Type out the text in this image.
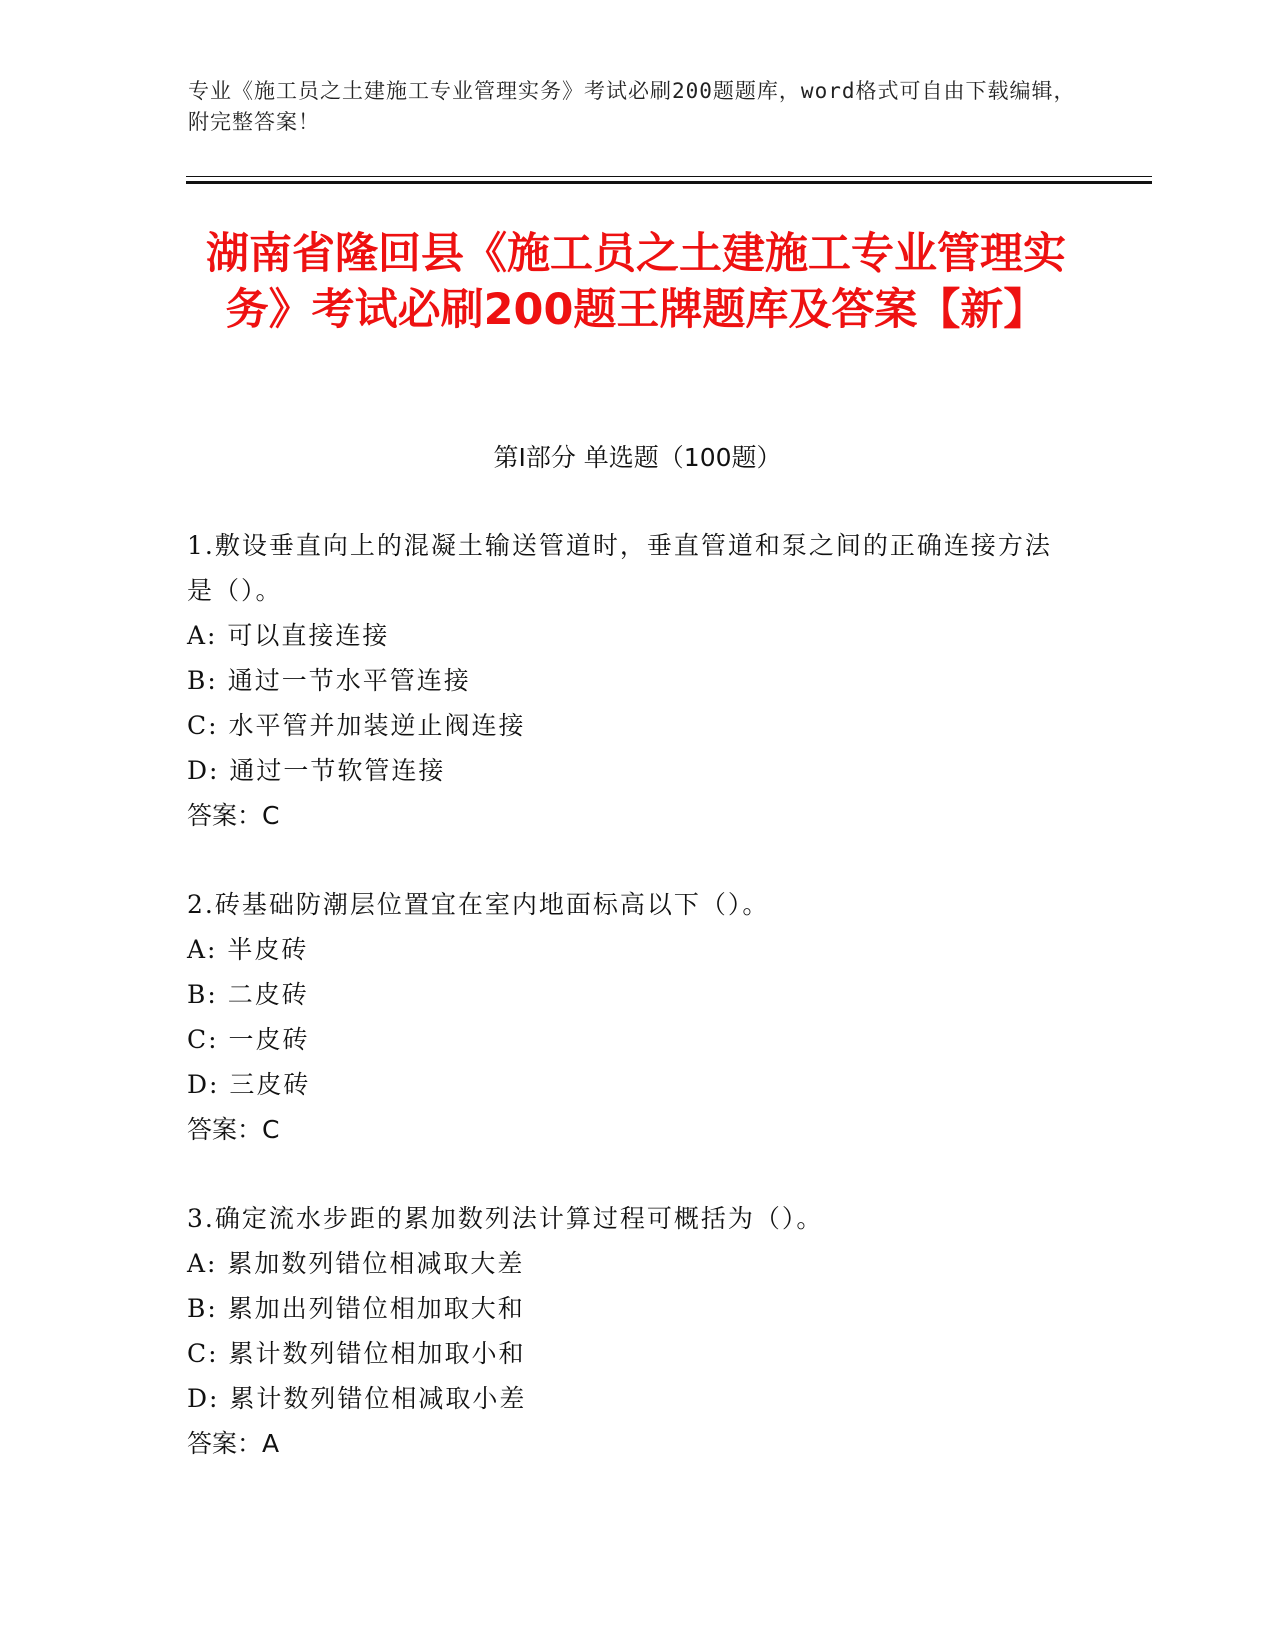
专业《施工员之土建施工专业管理实务》考试必刷200题题库，word格式可自由下载编辑，附完整答案！
湖南省隆回县《施工员之土建施工专业管理实务》考试必刷200题王牌题库及答案【新】
第Ⅰ部分 单选题（100题）

1.敷设垂直向上的混凝土输送管道时，垂直管道和泵之间的正确连接方法是（）。

A: 可以直接连接

B: 通过一节水平管连接

C: 水平管并加装逆止阀连接

D: 通过一节软管连接

答案：C

2.砖基础防潮层位置宜在室内地面标高以下（）。

A: 半皮砖

B: 二皮砖

C: 一皮砖

D: 三皮砖

答案：C

3.确定流水步距的累加数列法计算过程可概括为（）。

A: 累加数列错位相减取大差

B: 累加出列错位相加取大和

C: 累计数列错位相加取小和

D: 累计数列错位相减取小差

答案：A
